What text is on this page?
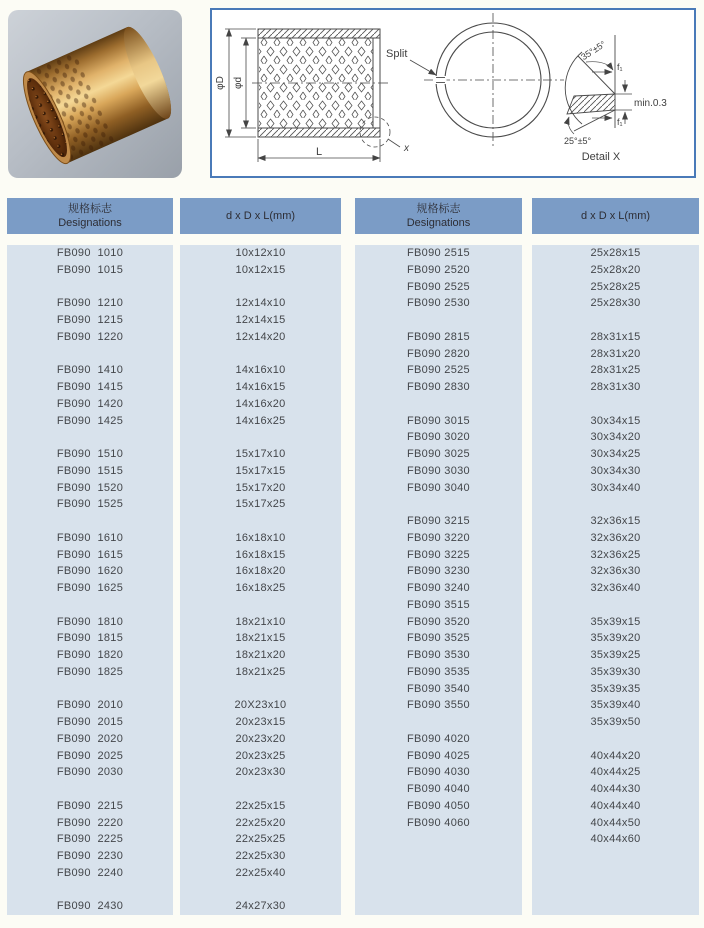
φD φd
L	x
Split	35°±5°
f₁
min.0.3
f₁
25°±5°
Detail X
规格标志
Designations
d x D x L(mm)
规格标志
Designations
d x D x L(mm)
FB090  1010
FB090  1015
FB090  1210
FB090  1215
FB090  1220
FB090  1410
FB090  1415
FB090  1420
FB090  1425
FB090  1510
FB090  1515
FB090  1520
FB090  1525
FB090  1610
FB090  1615
FB090  1620
FB090  1625
FB090  1810
FB090  1815
FB090  1820
FB090  1825
FB090  2010
FB090  2015
FB090  2020
FB090  2025
FB090  2030
FB090  2215
FB090  2220
FB090  2225
FB090  2230
FB090  2240
FB090  2430
10x12x10
10x12x15
12x14x10
12x14x15
12x14x20
14x16x10
14x16x15
14x16x20
14x16x25
15x17x10
15x17x15
15x17x20
15x17x25
16x18x10
16x18x15
16x18x20
16x18x25
18x21x10
18x21x15
18x21x20
18x21x25
20X23x10
20x23x15
20x23x20
20x23x25
20x23x30
22x25x15
22x25x20
22x25x25
22x25x30
22x25x40
24x27x30
FB090 2515
FB090 2520
FB090 2525
FB090 2530
FB090 2815
FB090 2820
FB090 2525
FB090 2830
FB090 3015
FB090 3020
FB090 3025
FB090 3030
FB090 3040
FB090 3215
FB090 3220
FB090 3225
FB090 3230
FB090 3240
FB090 3515
FB090 3520
FB090 3525
FB090 3530
FB090 3535
FB090 3540
FB090 3550
FB090 4020
FB090 4025
FB090 4030
FB090 4040
FB090 4050
FB090 4060
25x28x15
25x28x20
25x28x25
25x28x30
28x31x15
28x31x20
28x31x25
28x31x30
30x34x15
30x34x20
30x34x25
30x34x30
30x34x40
32x36x15
32x36x20
32x36x25
32x36x30
32x36x40
35x39x15
35x39x20
35x39x25
35x39x30
35x39x35
35x39x40
35x39x50
40x44x20
40x44x25
40x44x30
40x44x40
40x44x50
40x44x60
